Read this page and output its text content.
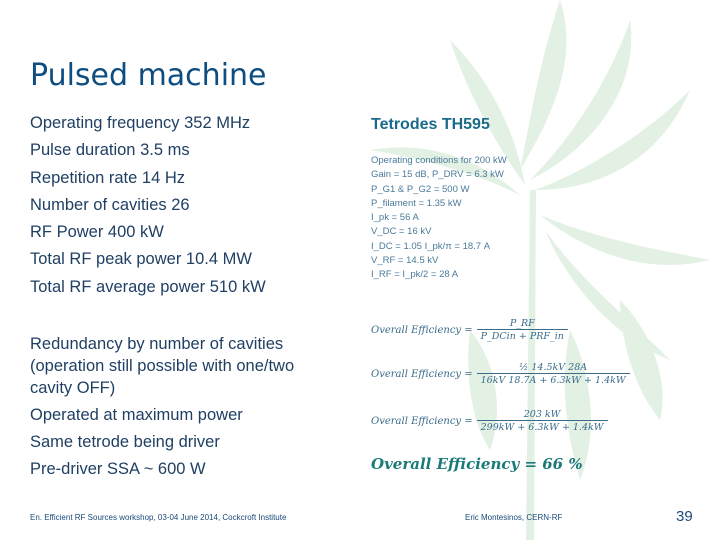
Pulsed machine
Operating frequency 352 MHz
Pulse duration 3.5 ms
Repetition rate 14 Hz
Number of cavities 26
RF Power 400 kW
Total RF peak power 10.4 MW
Total RF average power 510 kW
Redundancy by number of cavities (operation still possible with one/two cavity OFF)
Operated at maximum power
Same tetrode being driver
Pre-driver SSA ~ 600 W
Tetrodes TH595
Operating conditions for 200 kW
Gain = 15 dB, P_DRV = 6.3 kW
P_G1 & P_G2 = 500 W
P_filament = 1.35 kW
I_pk = 56 A
V_DC = 16 kV
I_DC = 1.05 I_pk/π = 18.7 A
V_RF = 14.5 kV
I_RF = I_pk/2 = 28 A
Overall Efficiency = $\frac{P\_RF}{\text{P\_DCin + PRF\_in}}$
Overall Efficiency = $\frac{\text{½ 14.5kV 28A}}{16kV 18.7A + 6.3kW + 1.4kW}$
Overall Efficiency = $\frac{203 kW}{299kW + 6.3kW + 1.4kW}$
Overall Efficiency = 66 %
En. Efficient RF Sources workshop, 03-04 June 2014, Cockcroft Institute	Eric Montesinos, CERN-RF	39
